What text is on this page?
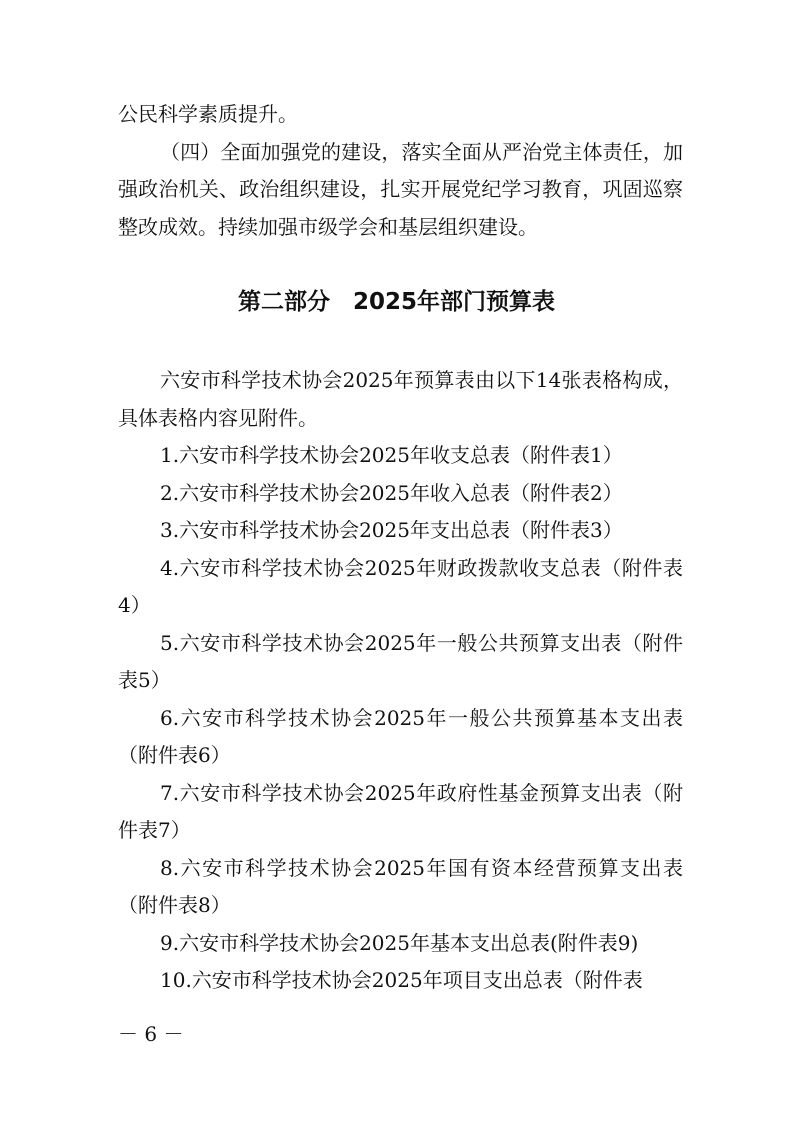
公民科学素质提升。

（四）全面加强党的建设，落实全面从严治党主体责任，加强政治机关、政治组织建设，扎实开展党纪学习教育，巩固巡察整改成效。持续加强市级学会和基层组织建设。

第二部分　2025年部门预算表

六安市科学技术协会2025年预算表由以下14张表格构成，具体表格内容见附件。

1.六安市科学技术协会2025年收支总表（附件表1）

2.六安市科学技术协会2025年收入总表（附件表2）

3.六安市科学技术协会2025年支出总表（附件表3）

4.六安市科学技术协会2025年财政拨款收支总表（附件表4）

5.六安市科学技术协会2025年一般公共预算支出表（附件表5）

6.六安市科学技术协会2025年一般公共预算基本支出表（附件表6）

7.六安市科学技术协会2025年政府性基金预算支出表（附件表7）

8.六安市科学技术协会2025年国有资本经营预算支出表（附件表8）

9.六安市科学技术协会2025年基本支出总表(附件表9)

10.六安市科学技术协会2025年项目支出总表（附件表

－ 6 －
